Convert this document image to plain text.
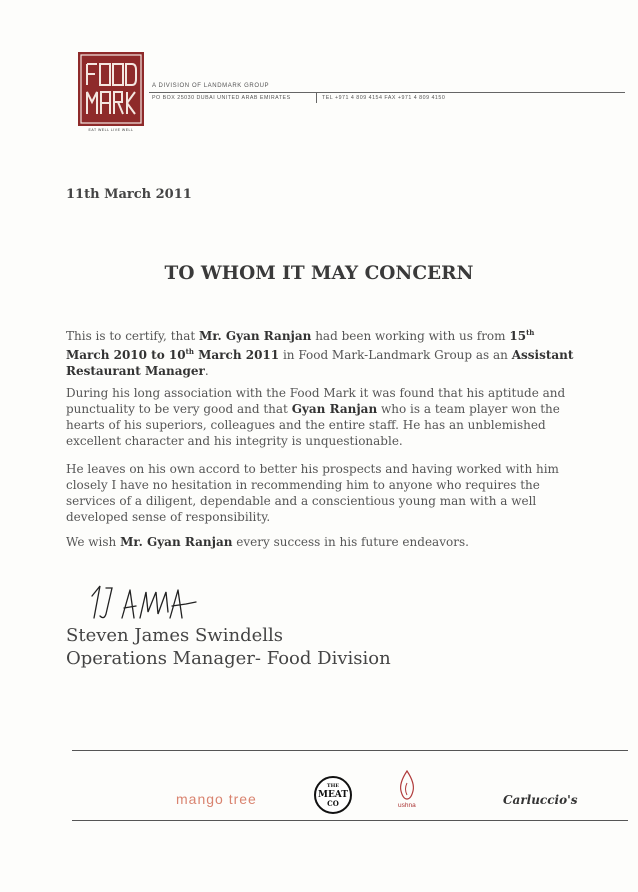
EAT WELL LIVE WELL
A DIVISION OF LANDMARK GROUP
PO BOX 25030 DUBAI UNITED ARAB EMIRATES	TEL +971 4 809 4154 FAX +971 4 809 4150
11th March 2011
TO WHOM IT MAY CONCERN

This is to certify, that Mr. Gyan Ranjan had been working with us from 15th March 2010 to 10th March 2011 in Food Mark-Landmark Group as an Assistant Restaurant Manager.

During his long association with the Food Mark it was found that his aptitude and punctuality to be very good and that Gyan Ranjan who is a team player won the hearts of his superiors, colleagues and the entire staff. He has an unblemished excellent character and his integrity is unquestionable.

He leaves on his own accord to better his prospects and having worked with him closely I have no hesitation in recommending him to anyone who requires the services of a diligent, dependable and a conscientious young man with a well developed sense of responsibility.

We wish Mr. Gyan Ranjan every success in his future endeavors.

Steven James Swindells
Operations Manager- Food Division
mango tree
THE
MEAT
CO	ushna	Carluccio's
